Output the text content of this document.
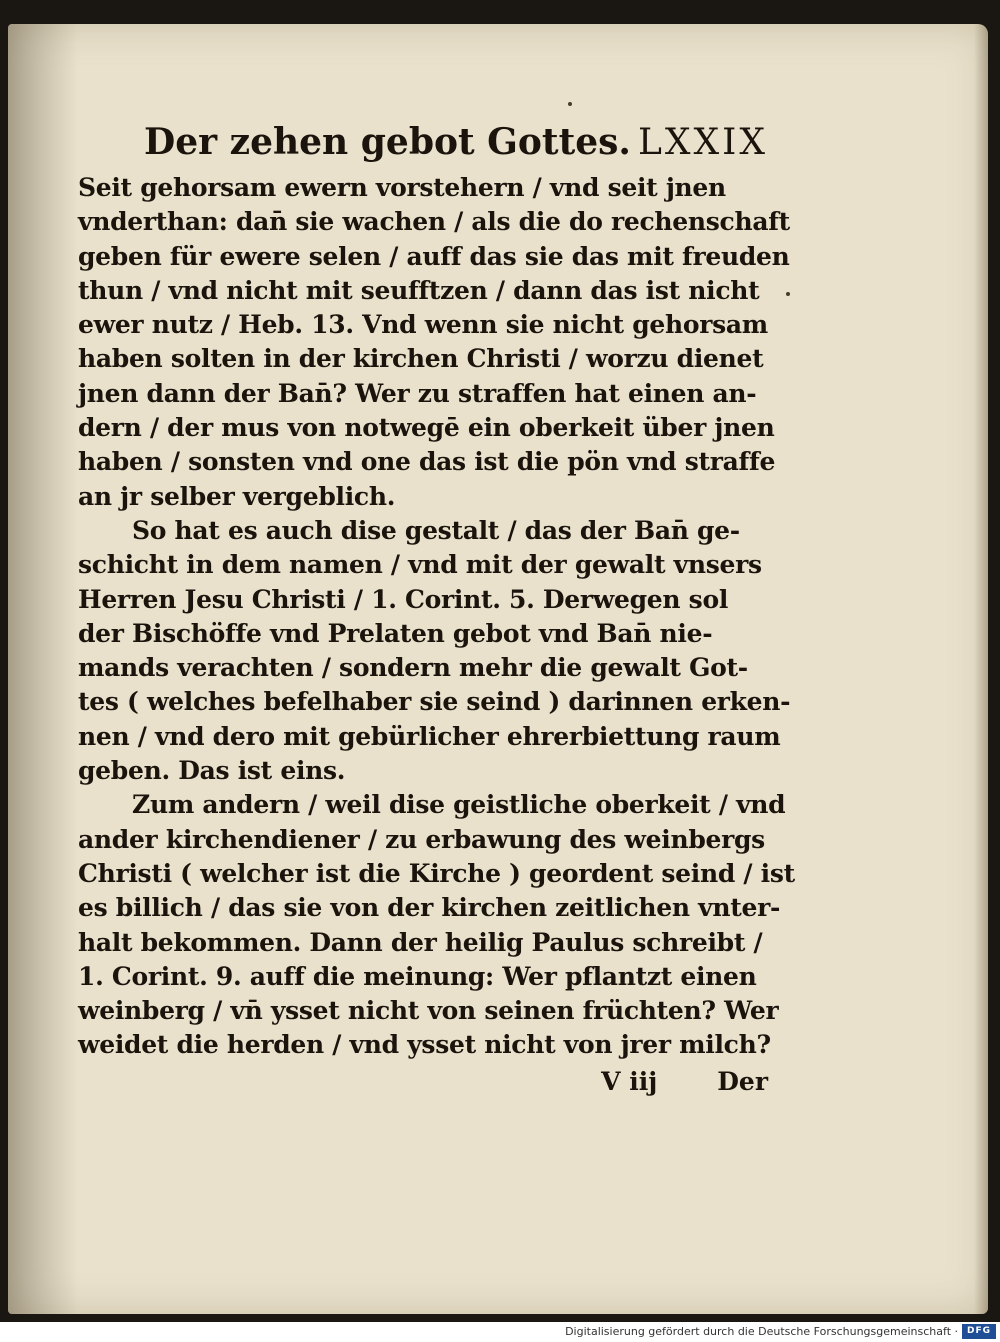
Der zehen gebot Gottes. LXXIX
Seit gehorsam ewern vorstehern / vnd seit jnen
vnderthan: dan̄ sie wachen / als die do rechenschaft
geben für ewere selen / auff das sie das mit freuden
thun / vnd nicht mit seufftzen / dann das ist nicht
ewer nutz / Heb. 13. Vnd wenn sie nicht gehorsam
haben solten in der kirchen Christi / worzu dienet
jnen dann der Ban̄? Wer zu straffen hat einen an-
dern / der mus von notwegē ein oberkeit über jnen
haben / sonsten vnd one das ist die pön vnd straffe
an jr selber vergeblich.
So hat es auch dise gestalt / das der Ban̄ ge-
schicht in dem namen / vnd mit der gewalt vnsers
Herren Jesu Christi / 1. Corint. 5. Derwegen sol
der Bischöffe vnd Prelaten gebot vnd Ban̄ nie-
mands verachten / sondern mehr die gewalt Got-
tes ( welches befelhaber sie seind ) darinnen erken-
nen / vnd dero mit gebürlicher ehrerbiettung raum
geben. Das ist eins.
Zum andern / weil dise geistliche oberkeit / vnd
ander kirchendiener / zu erbawung des weinbergs
Christi ( welcher ist die Kirche ) geordent seind / ist
es billich / das sie von der kirchen zeitlichen vnter-
halt bekommen. Dann der heilig Paulus schreibt /
1. Corint. 9. auff die meinung: Wer pflantzt einen
weinberg / vn̄ ysset nicht von seinen früchten? Wer
weidet die herden / vnd ysset nicht von jrer milch?
V iij Der
Digitalisierung gefördert durch die Deutsche Forschungsgemeinschaft · DFG
